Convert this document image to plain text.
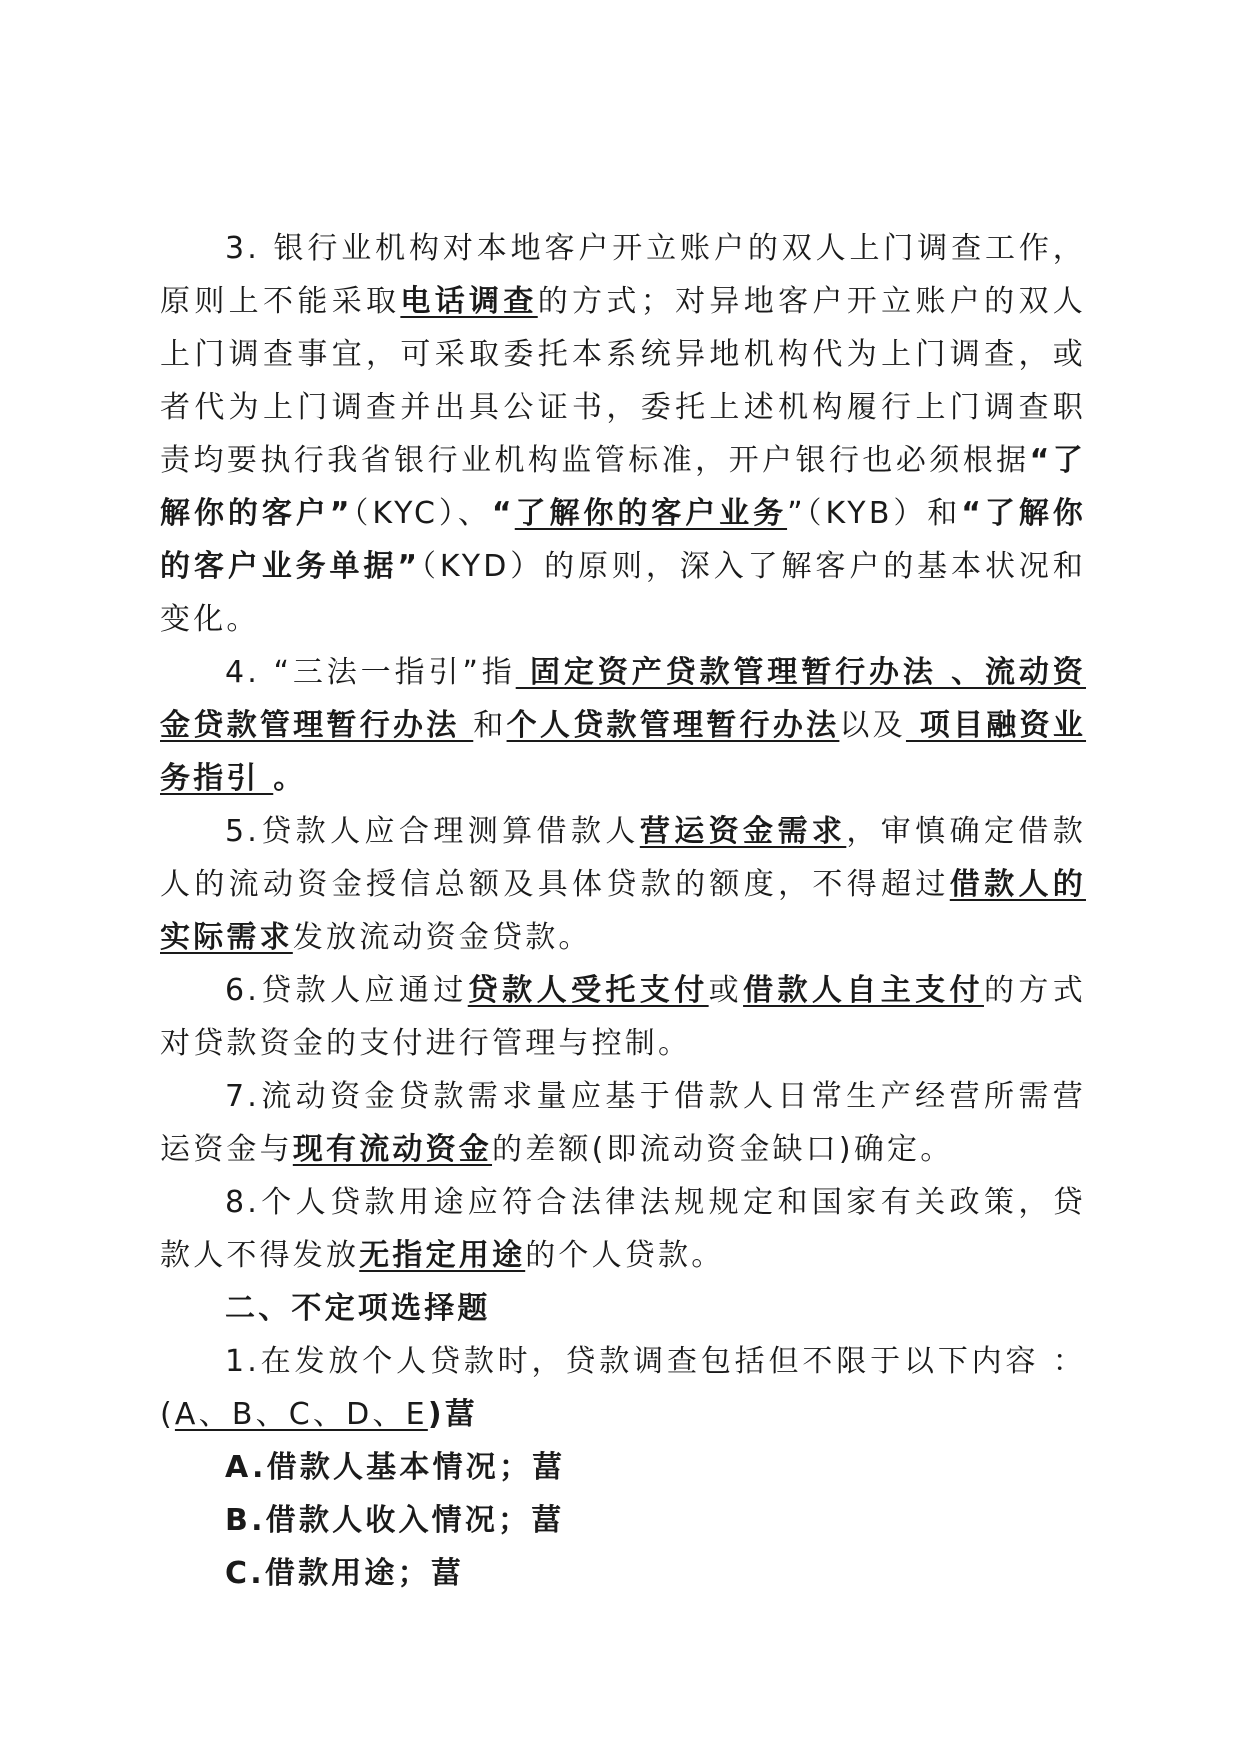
3. 银行业机构对本地客户开立账户的双人上门调查工作，原则上不能采取电话调查的方式；对异地客户开立账户的双人上门调查事宜，可采取委托本系统异地机构代为上门调查，或者代为上门调查并出具公证书，委托上述机构履行上门调查职责均要执行我省银行业机构监管标准，开户银行也必须根据“了解你的客户”（KYC）、“了解你的客户业务”（KYB）和“了解你的客户业务单据”（KYD）的原则，深入了解客户的基本状况和变化。

4. “三法一指引”指 固定资产贷款管理暂行办法 、流动资金贷款管理暂行办法 和个人贷款管理暂行办法以及 项目融资业务指引 。

5.贷款人应合理测算借款人营运资金需求，审慎确定借款人的流动资金授信总额及具体贷款的额度，不得超过借款人的实际需求发放流动资金贷款。

6.贷款人应通过贷款人受托支付或借款人自主支付的方式对贷款资金的支付进行管理与控制。

7.流动资金贷款需求量应基于借款人日常生产经营所需营运资金与现有流动资金的差额(即流动资金缺口)确定。

8.个人贷款用途应符合法律法规规定和国家有关政策，贷款人不得发放无指定用途的个人贷款。

二、不定项选择题

1.在发放个人贷款时，贷款调查包括但不限于以下内容 ：(A、B、C、D、E)葍

A.借款人基本情况；葍

B.借款人收入情况；葍

C.借款用途；葍
